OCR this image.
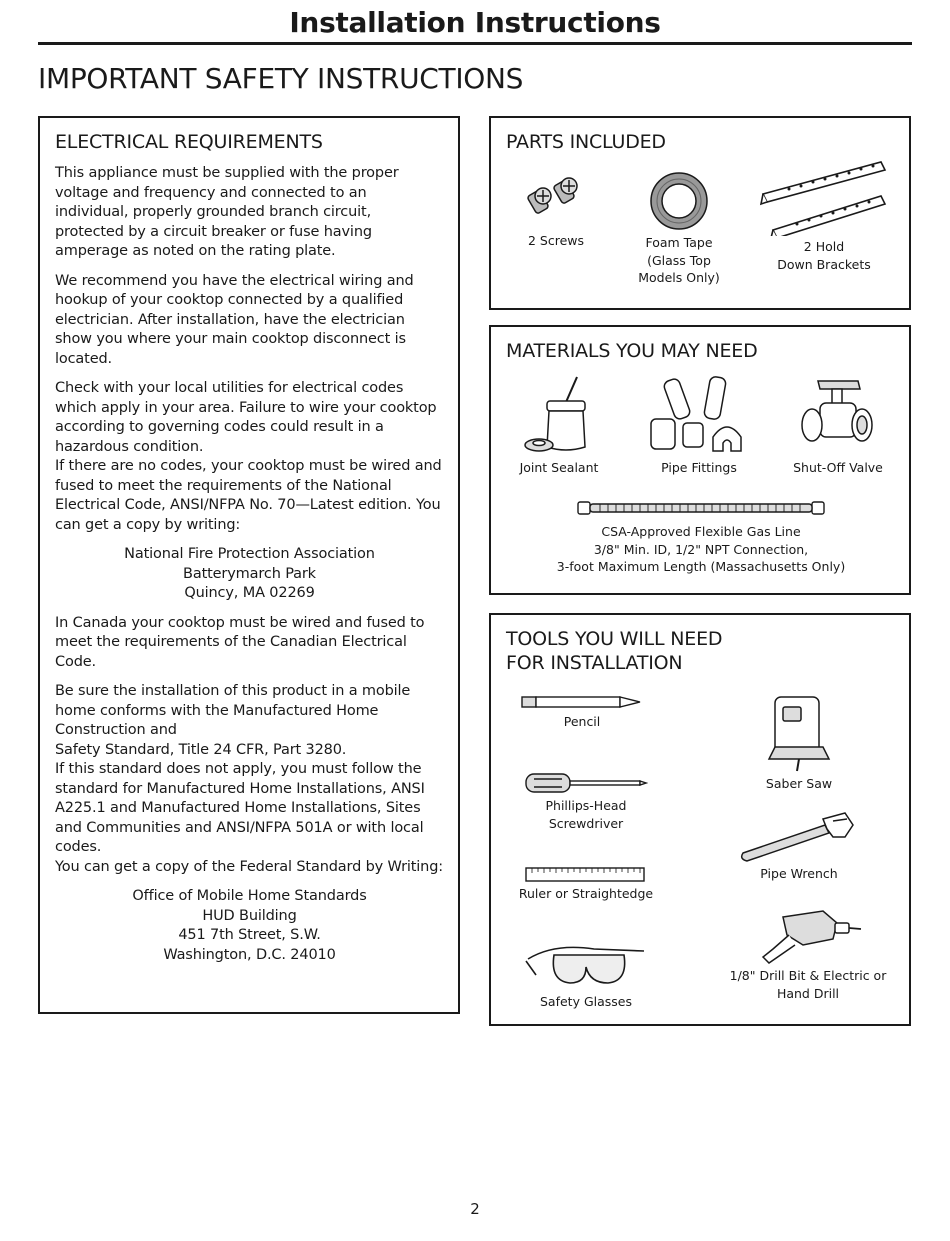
Installation Instructions
IMPORTANT SAFETY INSTRUCTIONS
ELECTRICAL REQUIREMENTS

This appliance must be supplied with the proper voltage and frequency and connected to an individual, properly grounded branch circuit, protected by a circuit breaker or fuse having amperage as noted on the rating plate.

We recommend you have the electrical wiring and hookup of your cooktop connected by a qualified electrician. After installation, have the electrician show you where your main cooktop disconnect is located.

Check with your local utilities for electrical codes which apply in your area. Failure to wire your cooktop according to governing codes could result in a hazardous condition.

If there are no codes, your cooktop must be wired and fused to meet the requirements of the National Electrical Code, ANSI/NFPA No. 70—Latest edition. You can get a copy by writing:

National Fire Protection Association
Batterymarch Park
Quincy, MA 02269

In Canada your cooktop must be wired and fused to meet the requirements of the Canadian Electrical Code.

Be sure the installation of this product in a mobile home conforms with the Manufactured Home Construction and

Safety Standard, Title 24 CFR, Part 3280.

If this standard does not apply, you must follow the standard for Manufactured Home Installations, ANSI A225.1 and Manufactured Home Installations, Sites and Communities and ANSI/NFPA 501A or with local codes.

You can get a copy of the Federal Standard by Writing:

Office of Mobile Home Standards
HUD Building
451 7th Street, S.W.
Washington, D.C. 24010

PARTS INCLUDED
2 Screws	Foam Tape
(Glass Top
Models Only)
2 Hold
Down Brackets
MATERIALS YOU MAY NEED
Joint Sealant	Pipe Fittings	Shut-Off Valve
CSA-Approved Flexible Gas Line
3/8" Min. ID, 1/2" NPT Connection,
3-foot Maximum Length (Massachusetts Only)
TOOLS YOU WILL NEED
FOR INSTALLATION
Pencil
Saber Saw
Phillips-Head
Screwdriver
Pipe Wrench
Ruler or Straightedge
1/8" Drill Bit & Electric or
Hand Drill
Safety Glasses
2
